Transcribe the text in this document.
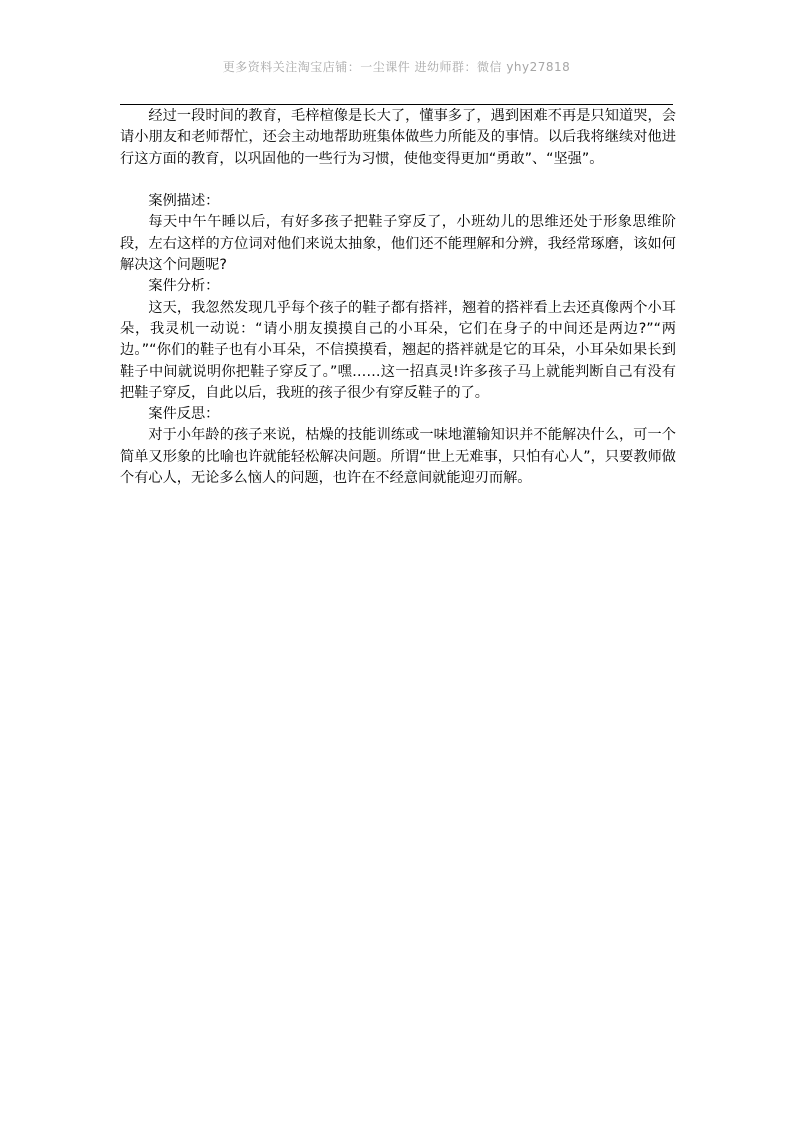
更多资料关注淘宝店铺：一尘课件 进幼师群：微信 yhy27818

经过一段时间的教育，毛梓楦像是长大了，懂事多了，遇到困难不再是只知道哭，会请小朋友和老师帮忙，还会主动地帮助班集体做些力所能及的事情。以后我将继续对他进行这方面的教育，以巩固他的一些行为习惯，使他变得更加“勇敢”、“坚强”。

案例描述：

每天中午午睡以后，有好多孩子把鞋子穿反了，小班幼儿的思维还处于形象思维阶段，左右这样的方位词对他们来说太抽象，他们还不能理解和分辨，我经常琢磨，该如何解决这个问题呢?

案件分析：

这天，我忽然发现几乎每个孩子的鞋子都有搭袢，翘着的搭袢看上去还真像两个小耳朵，我灵机一动说：“请小朋友摸摸自己的小耳朵，它们在身子的中间还是两边?”“两边。”“你们的鞋子也有小耳朵，不信摸摸看，翘起的搭袢就是它的耳朵，小耳朵如果长到鞋子中间就说明你把鞋子穿反了。”嘿……这一招真灵!许多孩子马上就能判断自己有没有把鞋子穿反，自此以后，我班的孩子很少有穿反鞋子的了。

案件反思：

对于小年龄的孩子来说，枯燥的技能训练或一味地灌输知识并不能解决什么，可一个简单又形象的比喻也许就能轻松解决问题。所谓“世上无难事，只怕有心人”，只要教师做个有心人，无论多么恼人的问题，也许在不经意间就能迎刃而解。
